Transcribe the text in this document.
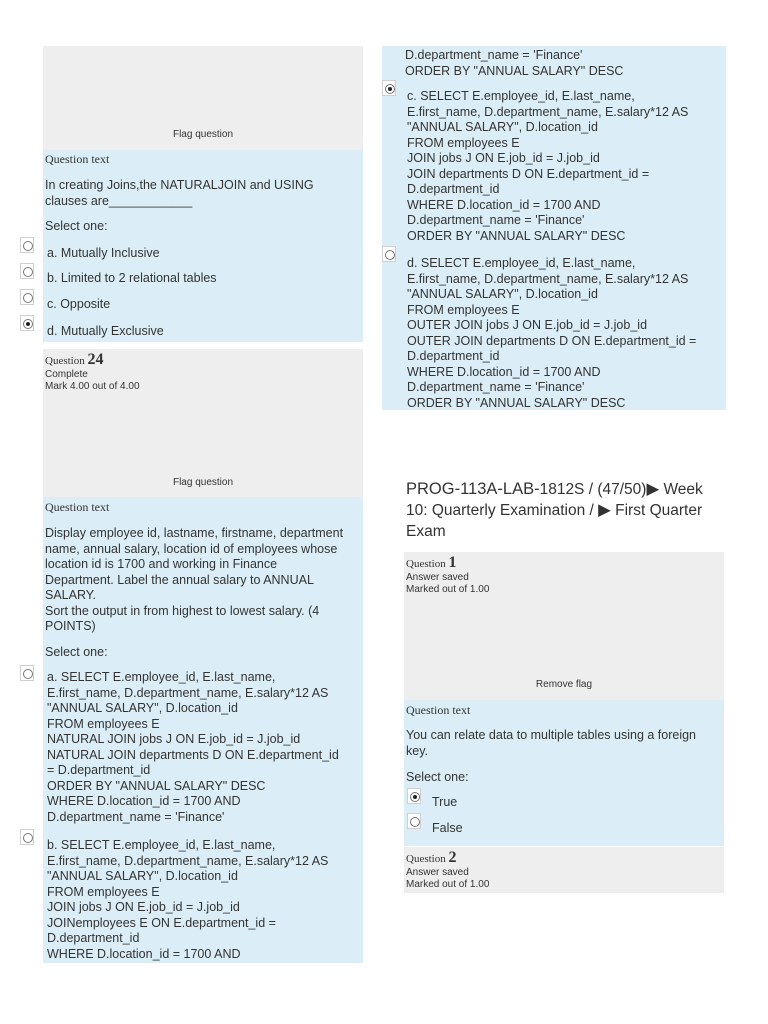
Flag question
Question text
In creating Joins,the NATURALJOIN and USING
clauses are____________
Select one:
a. Mutually Inclusive
b. Limited to 2 relational tables
c. Opposite
d. Mutually Exclusive
Question 24
Complete
Mark 4.00 out of 4.00
Flag question
Question text
Display employee id, lastname, firstname, department
name, annual salary, location id of employees whose
location id is 1700 and working in Finance
Department. Label the annual salary to ANNUAL
SALARY.
Sort the output in from highest to lowest salary. (4
POINTS)
Select one:
a. SELECT E.employee_id, E.last_name,
E.first_name, D.department_name, E.salary*12 AS
"ANNUAL SALARY", D.location_id
FROM employees E
NATURAL JOIN jobs J ON E.job_id = J.job_id
NATURAL JOIN departments D ON E.department_id
= D.department_id
ORDER BY "ANNUAL SALARY" DESC
WHERE D.location_id = 1700 AND
D.department_name = 'Finance'
b. SELECT E.employee_id, E.last_name,
E.first_name, D.department_name, E.salary*12 AS
"ANNUAL SALARY", D.location_id
FROM employees E
JOIN jobs J ON E.job_id = J.job_id
JOINemployees E ON E.department_id =
D.department_id
WHERE D.location_id = 1700 AND
D.department_name = 'Finance'
ORDER BY "ANNUAL SALARY" DESC
c. SELECT E.employee_id, E.last_name,
E.first_name, D.department_name, E.salary*12 AS
"ANNUAL SALARY", D.location_id
FROM employees E
JOIN jobs J ON E.job_id = J.job_id
JOIN departments D ON E.department_id =
D.department_id
WHERE D.location_id = 1700 AND
D.department_name = 'Finance'
ORDER BY "ANNUAL SALARY" DESC
d. SELECT E.employee_id, E.last_name,
E.first_name, D.department_name, E.salary*12 AS
"ANNUAL SALARY", D.location_id
FROM employees E
OUTER JOIN jobs J ON E.job_id = J.job_id
OUTER JOIN departments D ON E.department_id =
D.department_id
WHERE D.location_id = 1700 AND
D.department_name = 'Finance'
ORDER BY "ANNUAL SALARY" DESC
PROG-113A-LAB-1812S / (47/50)▶ Week
10: Quarterly Examination / ▶ First Quarter
Exam
Question 1
Answer saved
Marked out of 1.00
Remove flag
Question text
You can relate data to multiple tables using a foreign
key.
Select one:
True
False
Question 2
Answer saved
Marked out of 1.00
